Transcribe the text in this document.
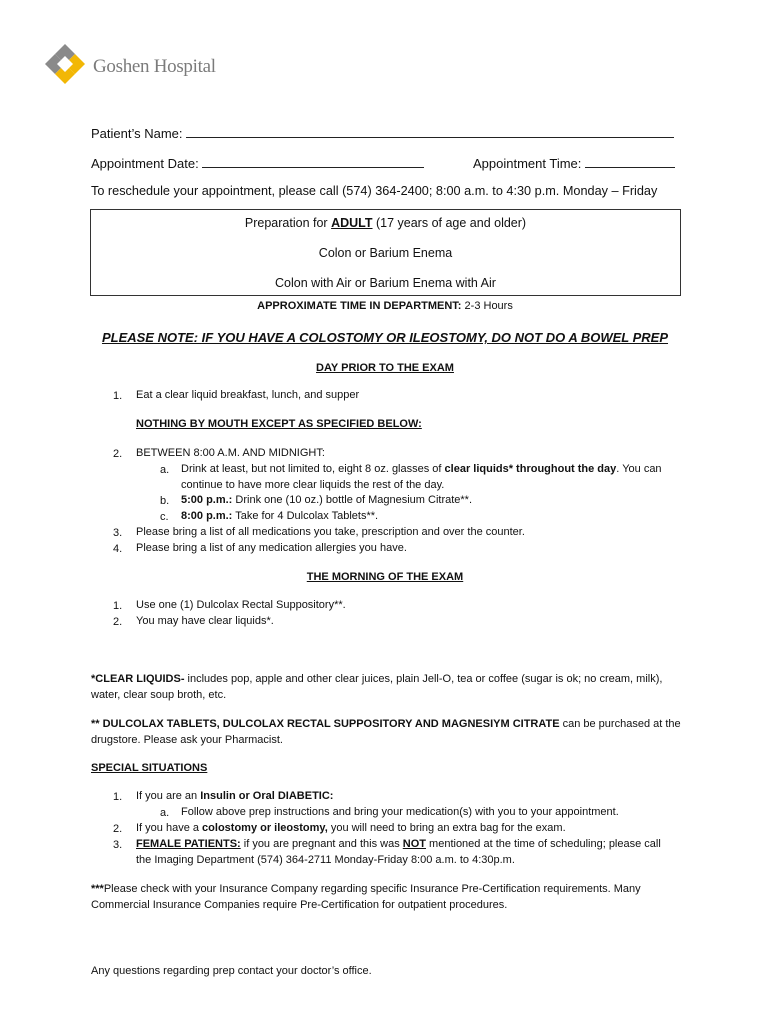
Goshen Hospital
Patient’s Name:
Appointment Date:	Appointment Time:
To reschedule your appointment, please call (574) 364-2400; 8:00 a.m. to 4:30 p.m. Monday – Friday
Preparation for ADULT (17 years of age and older)
Colon or Barium Enema
Colon with Air or Barium Enema with Air
APPROXIMATE TIME IN DEPARTMENT: 2-3 Hours
PLEASE NOTE: IF YOU HAVE A COLOSTOMY OR ILEOSTOMY, DO NOT DO A BOWEL PREP
DAY PRIOR TO THE EXAM
1. Eat a clear liquid breakfast, lunch, and supper
NOTHING BY MOUTH EXCEPT AS SPECIFIED BELOW:
2. BETWEEN 8:00 A.M. AND MIDNIGHT:
a. Drink at least, but not limited to, eight 8 oz. glasses of clear liquids* throughout the day. You can
continue to have more clear liquids the rest of the day.
b. 5:00 p.m.: Drink one (10 oz.) bottle of Magnesium Citrate**.
c. 8:00 p.m.: Take for 4 Dulcolax Tablets**.
3. Please bring a list of all medications you take, prescription and over the counter.
4. Please bring a list of any medication allergies you have.
THE MORNING OF THE EXAM
1. Use one (1) Dulcolax Rectal Suppository**.
2. You may have clear liquids*.
*CLEAR LIQUIDS- includes pop, apple and other clear juices, plain Jell-O, tea or coffee (sugar is ok; no cream, milk), water, clear soup broth, etc.
** DULCOLAX TABLETS, DULCOLAX RECTAL SUPPOSITORY AND MAGNESIYM CITRATE can be purchased at the drugstore. Please ask your Pharmacist.
SPECIAL SITUATIONS
1. If you are an Insulin or Oral DIABETIC:
a. Follow above prep instructions and bring your medication(s) with you to your appointment.
2. If you have a colostomy or ileostomy, you will need to bring an extra bag for the exam.
3. FEMALE PATIENTS: if you are pregnant and this was NOT mentioned at the time of scheduling; please call
the Imaging Department (574) 364-2711 Monday-Friday 8:00 a.m. to 4:30p.m.
***Please check with your Insurance Company regarding specific Insurance Pre-Certification requirements. Many Commercial Insurance Companies require Pre-Certification for outpatient procedures.
Any questions regarding prep contact your doctor’s office.
